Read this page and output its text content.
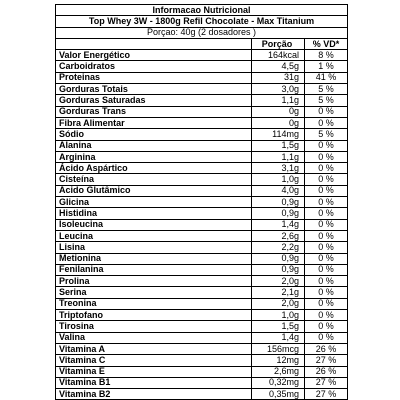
Informacao Nutricional		
Top Whey 3W - 1800g Refil Chocolate - Max Titanium		
Porçao: 40g (2 dosadores )		
	Porção	% VD*
Valor Energético	164kcal	8 %
Carboidratos	4,5g	1 %
Proteinas	31g	41 %
Gorduras Totais	3,0g	5 %
Gorduras Saturadas	1,1g	5 %
Gorduras Trans	0g	0 %
Fibra Alimentar	0g	0 %
Sódio	114mg	5 %
Alanina	1,5g	0 %
Arginina	1,1g	0 %
Ácido Aspártico	3,1g	0 %
Cisteína	1,0g	0 %
Ácido Glutâmico	4,0g	0 %
Glicina	0,9g	0 %
Histidina	0,9g	0 %
Isoleucina	1,4g	0 %
Leucina	2,6g	0 %
Lisina	2,2g	0 %
Metionina	0,9g	0 %
Fenilanina	0,9g	0 %
Prolina	2,0g	0 %
Serina	2,1g	0 %
Treonina	2,0g	0 %
Triptofano	1,0g	0 %
Tirosina	1,5g	0 %
Valina	1,4g	0 %
Vitamina A	156mcg	26 %
Vitamina C	12mg	27 %
Vitamina E	2,6mg	26 %
Vitamina B1	0,32mg	27 %
Vitamina B2	0,35mg	27 %
